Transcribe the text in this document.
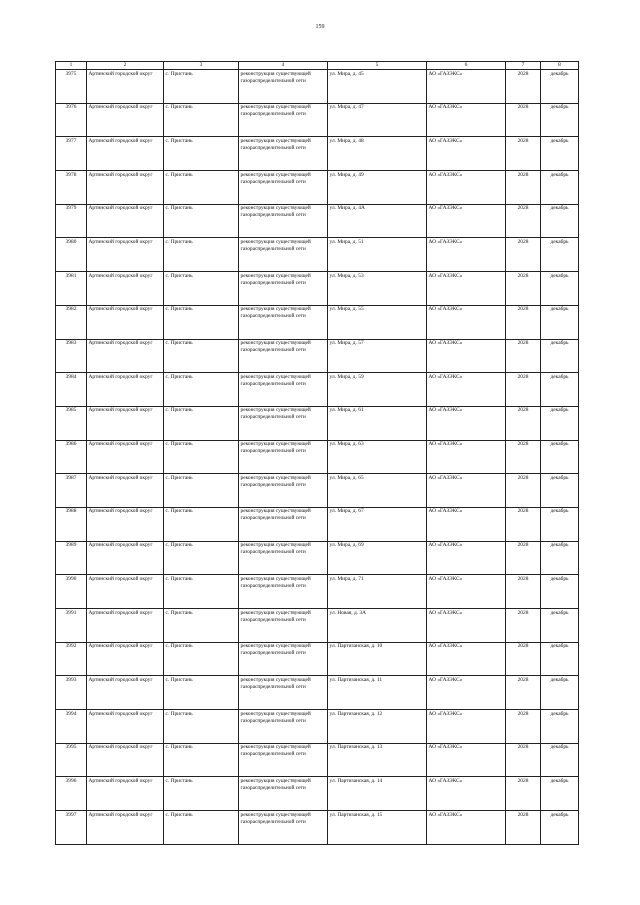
159
1	2	3	4	5	6	7	8
3975	Артинский городской округ	с. Пристань	реконструкция существующей газораспределительной сети	ул. Мира, д. 45	АО «ГАЗЭКС»	2028	декабрь
3976	Артинский городской округ	с. Пристань	реконструкция существующей газораспределительной сети	ул. Мира, д. 47	АО «ГАЗЭКС»	2028	декабрь
3977	Артинский городской округ	с. Пристань	реконструкция существующей газораспределительной сети	ул. Мира, д. 48	АО «ГАЗЭКС»	2028	декабрь
3978	Артинский городской округ	с. Пристань	реконструкция существующей газораспределительной сети	ул. Мира, д. 49	АО «ГАЗЭКС»	2028	декабрь
3979	Артинский городской округ	с. Пристань	реконструкция существующей газораспределительной сети	ул. Мира, д. 4А	АО «ГАЗЭКС»	2028	декабрь
3980	Артинский городской округ	с. Пристань	реконструкция существующей газораспределительной сети	ул. Мира, д. 51	АО «ГАЗЭКС»	2028	декабрь
3981	Артинский городской округ	с. Пристань	реконструкция существующей газораспределительной сети	ул. Мира, д. 53	АО «ГАЗЭКС»	2028	декабрь
3982	Артинский городской округ	с. Пристань	реконструкция существующей газораспределительной сети	ул. Мира, д. 55	АО «ГАЗЭКС»	2028	декабрь
3983	Артинский городской округ	с. Пристань	реконструкция существующей газораспределительной сети	ул. Мира, д. 57	АО «ГАЗЭКС»	2028	декабрь
3984	Артинский городской округ	с. Пристань	реконструкция существующей газораспределительной сети	ул. Мира, д. 59	АО «ГАЗЭКС»	2028	декабрь
3985	Артинский городской округ	с. Пристань	реконструкция существующей газораспределительной сети	ул. Мира, д. 61	АО «ГАЗЭКС»	2028	декабрь
3986	Артинский городской округ	с. Пристань	реконструкция существующей газораспределительной сети	ул. Мира, д. 63	АО «ГАЗЭКС»	2028	декабрь
3987	Артинский городской округ	с. Пристань	реконструкция существующей газораспределительной сети	ул. Мира, д. 65	АО «ГАЗЭКС»	2028	декабрь
3988	Артинский городской округ	с. Пристань	реконструкция существующей газораспределительной сети	ул. Мира, д. 67	АО «ГАЗЭКС»	2028	декабрь
3989	Артинский городской округ	с. Пристань	реконструкция существующей газораспределительной сети	ул. Мира, д. 69	АО «ГАЗЭКС»	2028	декабрь
3990	Артинский городской округ	с. Пристань	реконструкция существующей газораспределительной сети	ул. Мира, д. 71	АО «ГАЗЭКС»	2028	декабрь
3991	Артинский городской округ	с. Пристань	реконструкция существующей газораспределительной сети	ул. Новая, д. 3А	АО «ГАЗЭКС»	2028	декабрь
3992	Артинский городской округ	с. Пристань	реконструкция существующей газораспределительной сети	ул. Партизанская, д. 10	АО «ГАЗЭКС»	2028	декабрь
3993	Артинский городской округ	с. Пристань	реконструкция существующей газораспределительной сети	ул. Партизанская, д. 11	АО «ГАЗЭКС»	2028	декабрь
3994	Артинский городской округ	с. Пристань	реконструкция существующей газораспределительной сети	ул. Партизанская, д. 12	АО «ГАЗЭКС»	2028	декабрь
3995	Артинский городской округ	с. Пристань	реконструкция существующей газораспределительной сети	ул. Партизанская, д. 13	АО «ГАЗЭКС»	2028	декабрь
3996	Артинский городской округ	с. Пристань	реконструкция существующей газораспределительной сети	ул. Партизанская, д. 14	АО «ГАЗЭКС»	2028	декабрь
3997	Артинский городской округ	с. Пристань	реконструкция существующей газораспределительной сети	ул. Партизанская, д. 15	АО «ГАЗЭКС»	2028	декабрь
